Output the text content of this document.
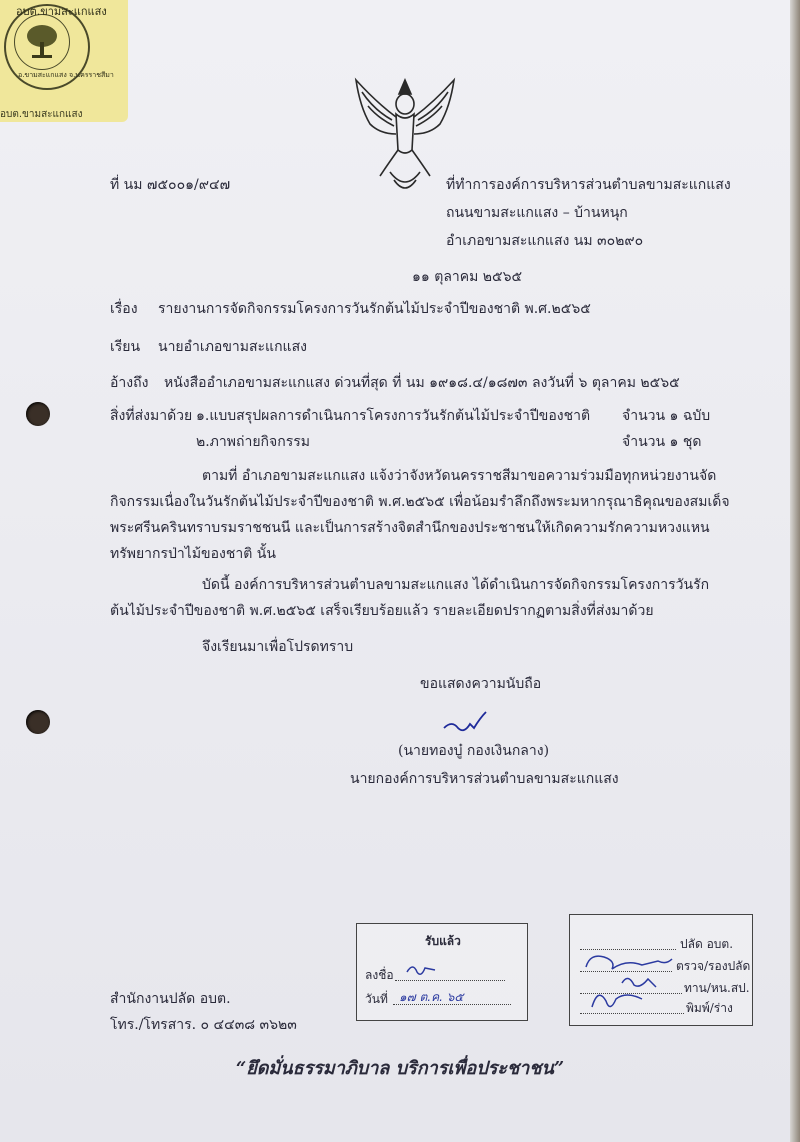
อบต.ขามสะแกแสง
อ.ขามสะแกแสง จ.นครราชสีมา
อบต.ขามสะแกแสง
ที่ นม ๗๕๐๐๑/๙๔๗	ที่ทำการองค์การบริหารส่วนตำบลขามสะแกแสง
ถนนขามสะแกแสง – บ้านหนุก
อำเภอขามสะแกแสง นม ๓๐๒๙๐
๑๑ ตุลาคม ๒๕๖๕
เรื่อง รายงานการจัดกิจกรรมโครงการวันรักต้นไม้ประจำปีของชาติ พ.ศ.๒๕๖๕
เรียน นายอำเภอขามสะแกแสง
อ้างถึง หนังสืออำเภอขามสะแกแสง ด่วนที่สุด ที่ นม ๑๙๑๘.๔/๑๘๗๓ ลงวันที่ ๖ ตุลาคม ๒๕๖๕
สิ่งที่ส่งมาด้วย ๑.แบบสรุปผลการดำเนินการโครงการวันรักต้นไม้ประจำปีของชาติ จำนวน ๑ ฉบับ
๒.ภาพถ่ายกิจกรรม	จำนวน ๑ ชุด
ตามที่ อำเภอขามสะแกแสง แจ้งว่าจังหวัดนครราชสีมาขอความร่วมมือทุกหน่วยงานจัด
กิจกรรมเนื่องในวันรักต้นไม้ประจำปีของชาติ พ.ศ.๒๕๖๕ เพื่อน้อมรำลึกถึงพระมหากรุณาธิคุณของสมเด็จ
พระศรีนครินทราบรมราชชนนี และเป็นการสร้างจิตสำนึกของประชาชนให้เกิดความรักความหวงแหน
ทรัพยากรป่าไม้ของชาติ นั้น
บัดนี้ องค์การบริหารส่วนตำบลขามสะแกแสง ได้ดำเนินการจัดกิจกรรมโครงการวันรัก
ต้นไม้ประจำปีของชาติ พ.ศ.๒๕๖๕ เสร็จเรียบร้อยแล้ว รายละเอียดปรากฏตามสิ่งที่ส่งมาด้วย
จึงเรียนมาเพื่อโปรดทราบ
ขอแสดงความนับถือ
(นายทองบู๋ กองเงินกลาง)
นายกองค์การบริหารส่วนตำบลขามสะแกแสง
รับแล้ว
ลงชื่อ
วันที่ ๑๗ ต.ค. ๖๕
ปลัด อบต.
ตรวจ/รองปลัด
ทาน/หน.สป.
พิมพ์/ร่าง
สำนักงานปลัด อบต.
โทร./โทรสาร. ๐ ๔๔๓๘ ๓๖๒๓
“ยึดมั่นธรรมาภิบาล บริการเพื่อประชาชน”
